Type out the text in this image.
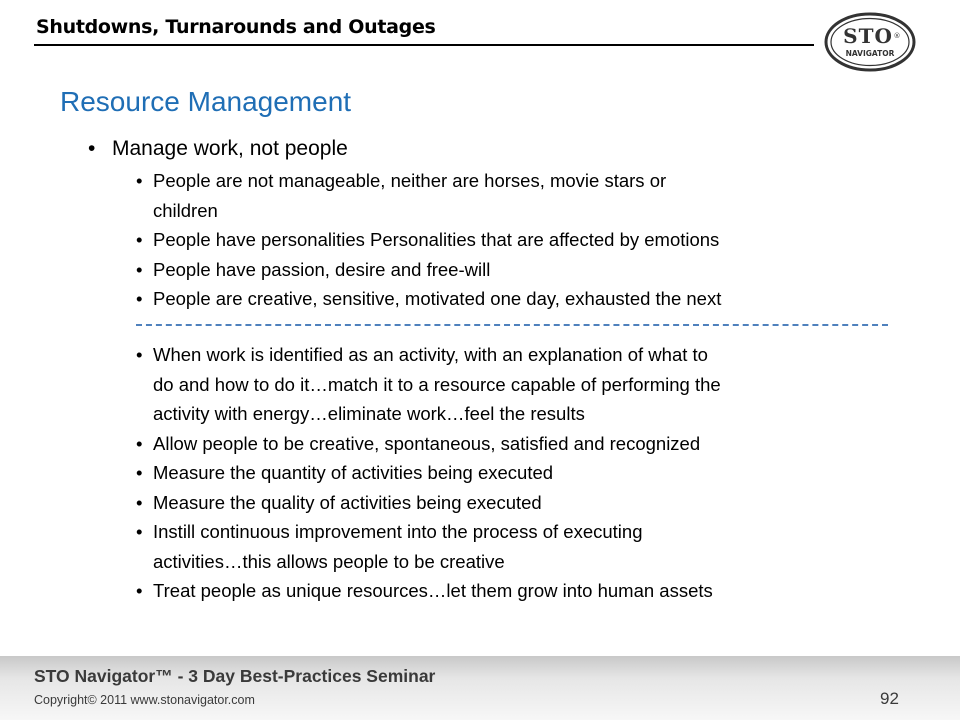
Shutdowns, Turnarounds and Outages	STO ®
NAVIGATOR
Resource Management
• Manage work, not people
• People are not manageable, neither are horses, movie stars or
children
• People have personalities Personalities that are affected by emotions
• People have passion, desire and free-will
• People are creative, sensitive, motivated one day, exhausted the next
• When work is identified as an activity, with an explanation of what to
do and how to do it…match it to a resource capable of performing the
activity with energy…eliminate work…feel the results
• Allow people to be creative, spontaneous, satisfied and recognized
• Measure the quantity of activities being executed
• Measure the quality of activities being executed
• Instill continuous improvement into the process of executing
activities…this allows people to be creative
• Treat people as unique resources…let them grow into human assets
STO Navigator™ - 3 Day Best-Practices Seminar
Copyright© 2011 www.stonavigator.com	92
